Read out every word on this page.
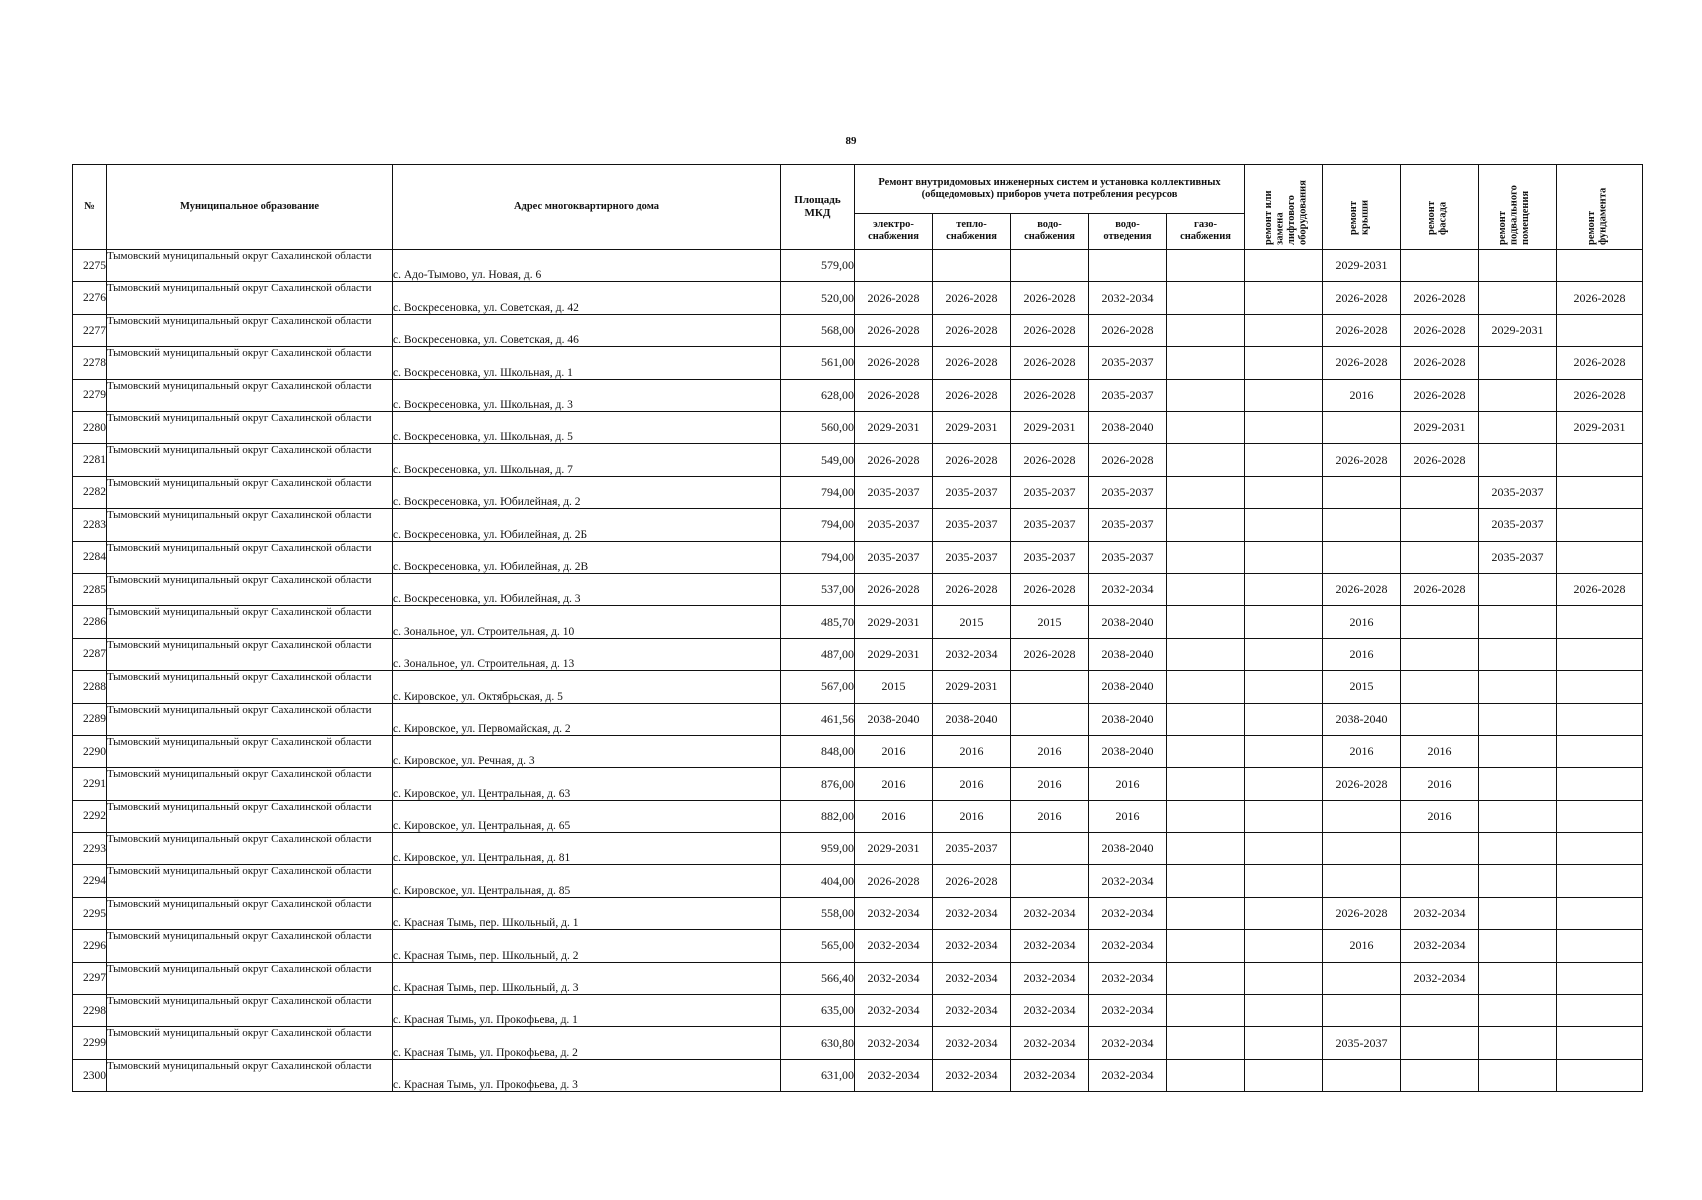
89
№	Муниципальное образование	Адрес многоквартирного дома	Площадь МКД	Ремонт внутридомовых инженерных систем и установка коллективных (общедомовых) приборов учета потребления ресурсов					ремонт или замена лифтового оборудования	ремонт крыши	ремонт фасада	ремонт подвального помещения	ремонт фундамента
				электро-снабжения	тепло-снабжения	водо-снабжения	водо-отведения	газо-снабжения					
2275	Тымовский муниципальный округ Сахалинской области	с. Адо-Тымово, ул. Новая, д. 6	579,00							2029-2031			
2276	Тымовский муниципальный округ Сахалинской области	с. Воскресеновка, ул. Советская, д. 42	520,00	2026-2028	2026-2028	2026-2028	2032-2034			2026-2028	2026-2028		2026-2028
2277	Тымовский муниципальный округ Сахалинской области	с. Воскресеновка, ул. Советская, д. 46	568,00	2026-2028	2026-2028	2026-2028	2026-2028			2026-2028	2026-2028	2029-2031	
2278	Тымовский муниципальный округ Сахалинской области	с. Воскресеновка, ул. Школьная, д. 1	561,00	2026-2028	2026-2028	2026-2028	2035-2037			2026-2028	2026-2028		2026-2028
2279	Тымовский муниципальный округ Сахалинской области	с. Воскресеновка, ул. Школьная, д. 3	628,00	2026-2028	2026-2028	2026-2028	2035-2037			2016	2026-2028		2026-2028
2280	Тымовский муниципальный округ Сахалинской области	с. Воскресеновка, ул. Школьная, д. 5	560,00	2029-2031	2029-2031	2029-2031	2038-2040				2029-2031		2029-2031
2281	Тымовский муниципальный округ Сахалинской области	с. Воскресеновка, ул. Школьная, д. 7	549,00	2026-2028	2026-2028	2026-2028	2026-2028			2026-2028	2026-2028		
2282	Тымовский муниципальный округ Сахалинской области	с. Воскресеновка, ул. Юбилейная, д. 2	794,00	2035-2037	2035-2037	2035-2037	2035-2037					2035-2037	
2283	Тымовский муниципальный округ Сахалинской области	с. Воскресеновка, ул. Юбилейная, д. 2Б	794,00	2035-2037	2035-2037	2035-2037	2035-2037					2035-2037	
2284	Тымовский муниципальный округ Сахалинской области	с. Воскресеновка, ул. Юбилейная, д. 2В	794,00	2035-2037	2035-2037	2035-2037	2035-2037					2035-2037	
2285	Тымовский муниципальный округ Сахалинской области	с. Воскресеновка, ул. Юбилейная, д. 3	537,00	2026-2028	2026-2028	2026-2028	2032-2034			2026-2028	2026-2028		2026-2028
2286	Тымовский муниципальный округ Сахалинской области	с. Зональное, ул. Строительная, д. 10	485,70	2029-2031	2015	2015	2038-2040			2016			
2287	Тымовский муниципальный округ Сахалинской области	с. Зональное, ул. Строительная, д. 13	487,00	2029-2031	2032-2034	2026-2028	2038-2040			2016			
2288	Тымовский муниципальный округ Сахалинской области	с. Кировское, ул. Октябрьская, д. 5	567,00	2015	2029-2031		2038-2040			2015			
2289	Тымовский муниципальный округ Сахалинской области	с. Кировское, ул. Первомайская, д. 2	461,56	2038-2040	2038-2040		2038-2040			2038-2040			
2290	Тымовский муниципальный округ Сахалинской области	с. Кировское, ул. Речная, д. 3	848,00	2016	2016	2016	2038-2040			2016	2016		
2291	Тымовский муниципальный округ Сахалинской области	с. Кировское, ул. Центральная, д. 63	876,00	2016	2016	2016	2016			2026-2028	2016		
2292	Тымовский муниципальный округ Сахалинской области	с. Кировское, ул. Центральная, д. 65	882,00	2016	2016	2016	2016				2016		
2293	Тымовский муниципальный округ Сахалинской области	с. Кировское, ул. Центральная, д. 81	959,00	2029-2031	2035-2037		2038-2040						
2294	Тымовский муниципальный округ Сахалинской области	с. Кировское, ул. Центральная, д. 85	404,00	2026-2028	2026-2028		2032-2034						
2295	Тымовский муниципальный округ Сахалинской области	с. Красная Тымь, пер. Школьный, д. 1	558,00	2032-2034	2032-2034	2032-2034	2032-2034			2026-2028	2032-2034		
2296	Тымовский муниципальный округ Сахалинской области	с. Красная Тымь, пер. Школьный, д. 2	565,00	2032-2034	2032-2034	2032-2034	2032-2034			2016	2032-2034		
2297	Тымовский муниципальный округ Сахалинской области	с. Красная Тымь, пер. Школьный, д. 3	566,40	2032-2034	2032-2034	2032-2034	2032-2034				2032-2034		
2298	Тымовский муниципальный округ Сахалинской области	с. Красная Тымь, ул. Прокофьева, д. 1	635,00	2032-2034	2032-2034	2032-2034	2032-2034						
2299	Тымовский муниципальный округ Сахалинской области	с. Красная Тымь, ул. Прокофьева, д. 2	630,80	2032-2034	2032-2034	2032-2034	2032-2034			2035-2037			
2300	Тымовский муниципальный округ Сахалинской области	с. Красная Тымь, ул. Прокофьева, д. 3	631,00	2032-2034	2032-2034	2032-2034	2032-2034						
